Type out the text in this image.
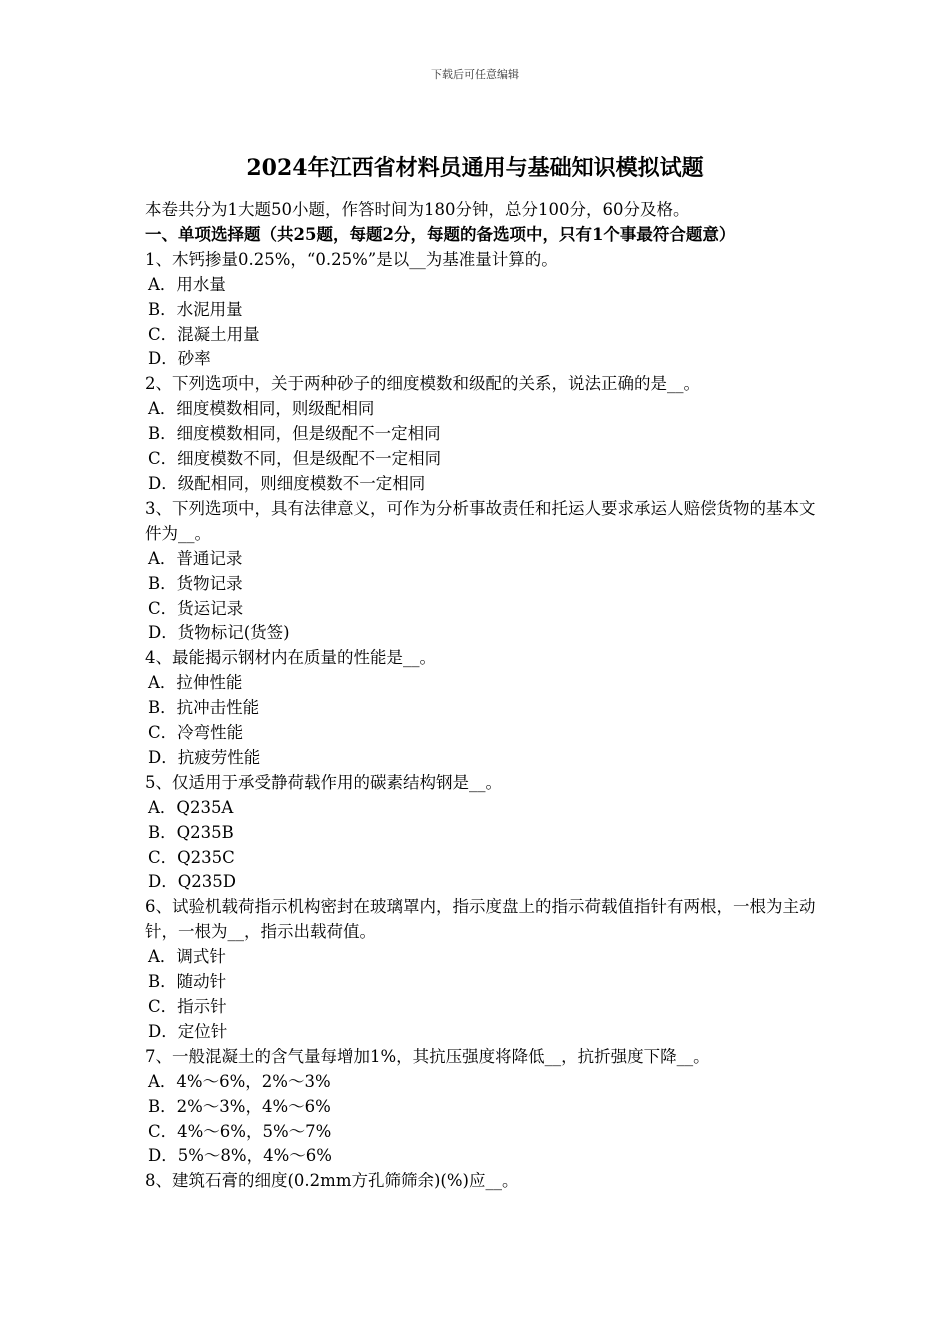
下载后可任意编辑
2024年江西省材料员通用与基础知识模拟试题
本卷共分为1大题50小题，作答时间为180分钟，总分100分，60分及格。
一、单项选择题（共25题，每题2分，每题的备选项中，只有1个事最符合题意）
1、木钙掺量0.25%，“0.25%”是以__为基准量计算的。
A．用水量
B．水泥用量
C．混凝土用量
D．砂率
2、下列选项中，关于两种砂子的细度模数和级配的关系，说法正确的是__。
A．细度模数相同，则级配相同
B．细度模数相同，但是级配不一定相同
C．细度模数不同，但是级配不一定相同
D．级配相同，则细度模数不一定相同
3、下列选项中，具有法律意义，可作为分析事故责任和托运人要求承运人赔偿货物的基本文件为__。
A．普通记录
B．货物记录
C．货运记录
D．货物标记(货签)
4、最能揭示钢材内在质量的性能是__。
A．拉伸性能
B．抗冲击性能
C．冷弯性能
D．抗疲劳性能
5、仅适用于承受静荷载作用的碳素结构钢是__。
A．Q235A
B．Q235B
C．Q235C
D．Q235D
6、试验机载荷指示机构密封在玻璃罩内，指示度盘上的指示荷载值指针有两根，一根为主动针，一根为__，指示出载荷值。
A．调式针
B．随动针
C．指示针
D．定位针
7、一般混凝土的含气量每增加1%，其抗压强度将降低__，抗折强度下降__。
A．4%～6%，2%～3%
B．2%～3%，4%～6%
C．4%～6%，5%～7%
D．5%～8%，4%～6%
8、建筑石膏的细度(0.2mm方孔筛筛余)(%)应__。
